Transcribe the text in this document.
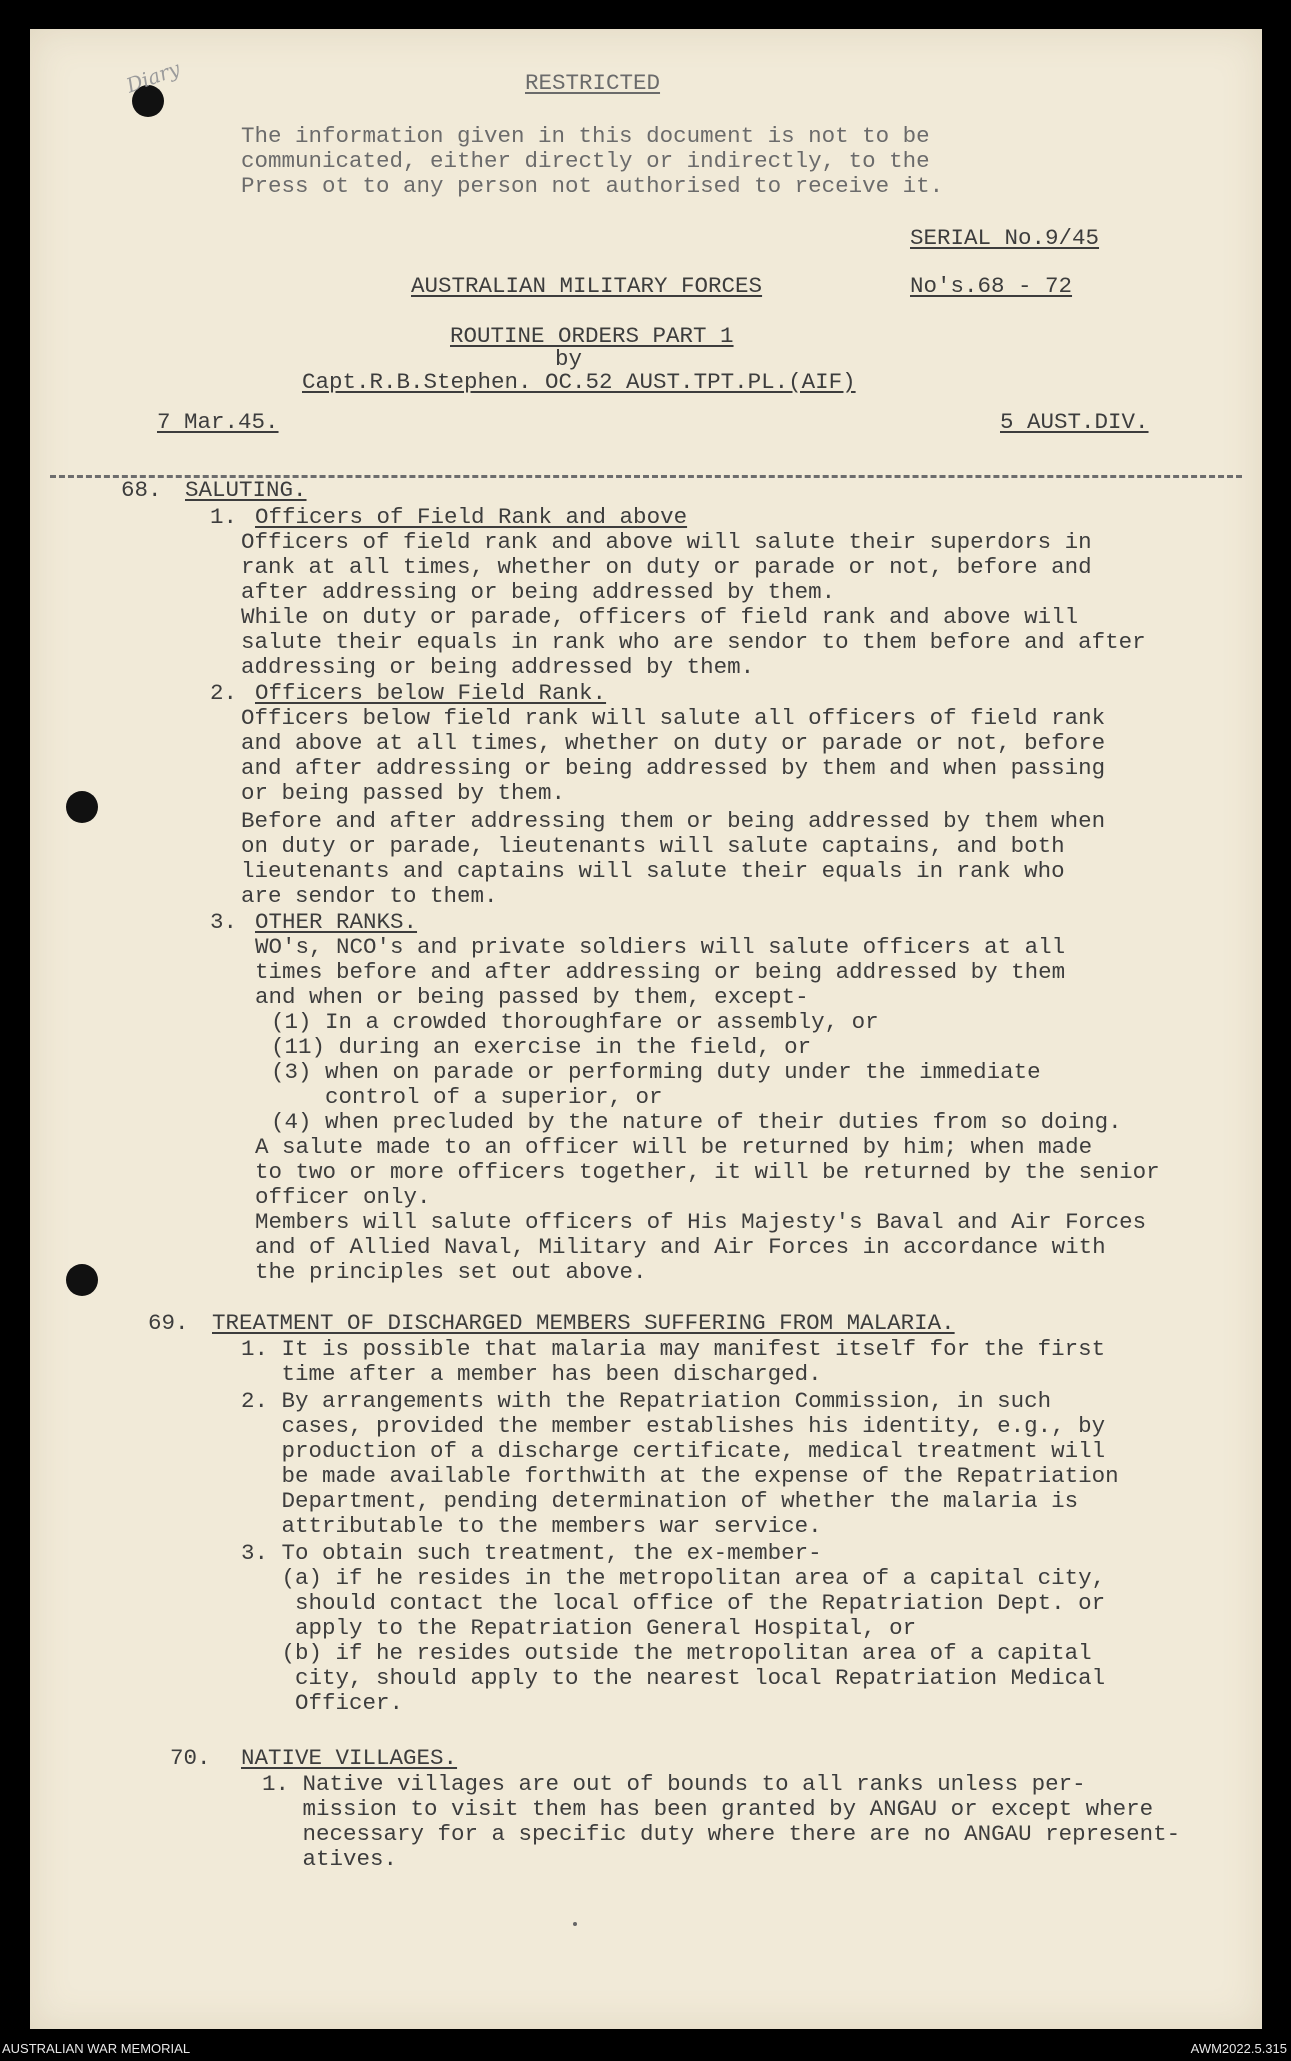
Diary	RESTRICTED
The information given in this document is not to be
communicated, either directly or indirectly, to the
Press ot to any person not authorised to receive it.
SERIAL No.9/45
AUSTRALIAN MILITARY FORCES	No's.68 - 72
ROUTINE ORDERS PART 1
by
Capt.R.B.Stephen. OC.52 AUST.TPT.PL.(AIF)
7 Mar.45.	5 AUST.DIV.
68. SALUTING.
1. Officers of Field Rank and above
Officers of field rank and above will salute their superdors in
rank at all times, whether on duty or parade or not, before and
after addressing or being addressed by them.
While on duty or parade, officers of field rank and above will
salute their equals in rank who are sendor to them before and after
addressing or being addressed by them.
2. Officers below Field Rank.
Officers below field rank will salute all officers of field rank
and above at all times, whether on duty or parade or not, before
and after addressing or being addressed by them and when passing
or being passed by them.
Before and after addressing them or being addressed by them when
on duty or parade, lieutenants will salute captains, and both
lieutenants and captains will salute their equals in rank who
are sendor to them.
3. OTHER RANKS.
WO's, NCO's and private soldiers will salute officers at all
times before and after addressing or being addressed by them
and when or being passed by them, except-
(1) In a crowded thoroughfare or assembly, or
(11) during an exercise in the field, or
(3) when on parade or performing duty under the immediate
control of a superior, or
(4) when precluded by the nature of their duties from so doing.
A salute made to an officer will be returned by him; when made
to two or more officers together, it will be returned by the senior
officer only.
Members will salute officers of His Majesty's Baval and Air Forces
and of Allied Naval, Military and Air Forces in accordance with
the principles set out above.
69. TREATMENT OF DISCHARGED MEMBERS SUFFERING FROM MALARIA.
1. It is possible that malaria may manifest itself for the first
time after a member has been discharged.
2. By arrangements with the Repatriation Commission, in such
cases, provided the member establishes his identity, e.g., by
production of a discharge certificate, medical treatment will
be made available forthwith at the expense of the Repatriation
Department, pending determination of whether the malaria is
attributable to the members war service.
3. To obtain such treatment, the ex-member-
(a) if he resides in the metropolitan area of a capital city,
should contact the local office of the Repatriation Dept. or
apply to the Repatriation General Hospital, or
(b) if he resides outside the metropolitan area of a capital
city, should apply to the nearest local Repatriation Medical
Officer.
70. NATIVE VILLAGES.
1. Native villages are out of bounds to all ranks unless per-
mission to visit them has been granted by ANGAU or except where
necessary for a specific duty where there are no ANGAU represent-
atives.
AUSTRALIAN WAR MEMORIAL	AWM2022.5.315
